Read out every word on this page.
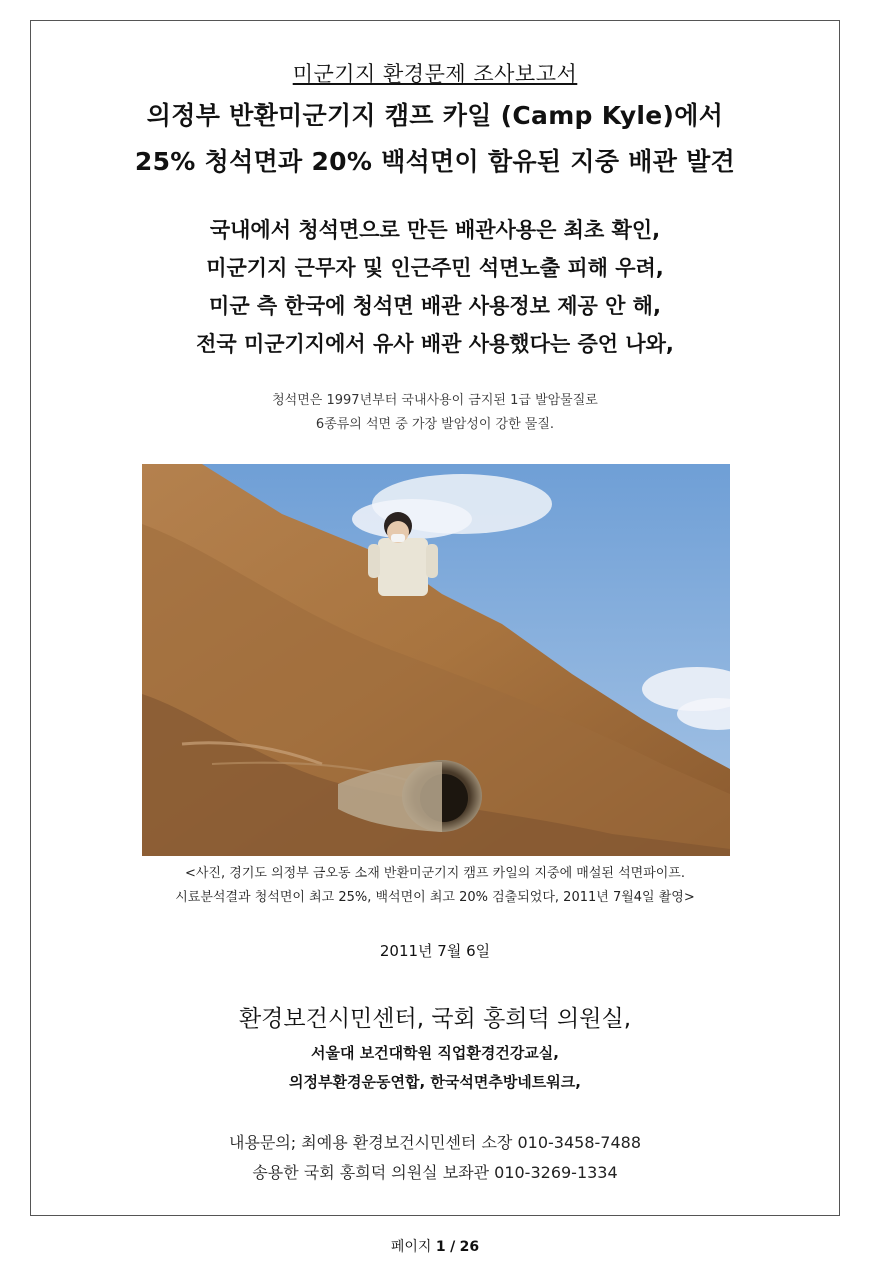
미군기지 환경문제 조사보고서
의정부 반환미군기지 캠프 카일 (Camp Kyle)에서
25% 청석면과 20% 백석면이 함유된 지중 배관 발견
국내에서 청석면으로 만든 배관사용은 최초 확인,
미군기지 근무자 및 인근주민 석면노출 피해 우려,
미군 측 한국에 청석면 배관 사용정보 제공 안 해,
전국 미군기지에서 유사 배관 사용했다는 증언 나와,
청석면은 1997년부터 국내사용이 금지된 1급 발암물질로
6종류의 석면 중 가장 발암성이 강한 물질.
<사진, 경기도 의정부 금오동 소재 반환미군기지 캠프 카일의 지중에 매설된 석면파이프.
시료분석결과 청석면이 최고 25%, 백석면이 최고 20% 검출되었다, 2011년 7월4일 촬영>
2011년 7월 6일
환경보건시민센터, 국회 홍희덕 의원실,
서울대 보건대학원 직업환경건강교실,
의정부환경운동연합, 한국석면추방네트워크,
내용문의; 최예용 환경보건시민센터 소장 010-3458-7488
송용한 국회 홍희덕 의원실 보좌관 010-3269-1334
페이지 1 / 26
